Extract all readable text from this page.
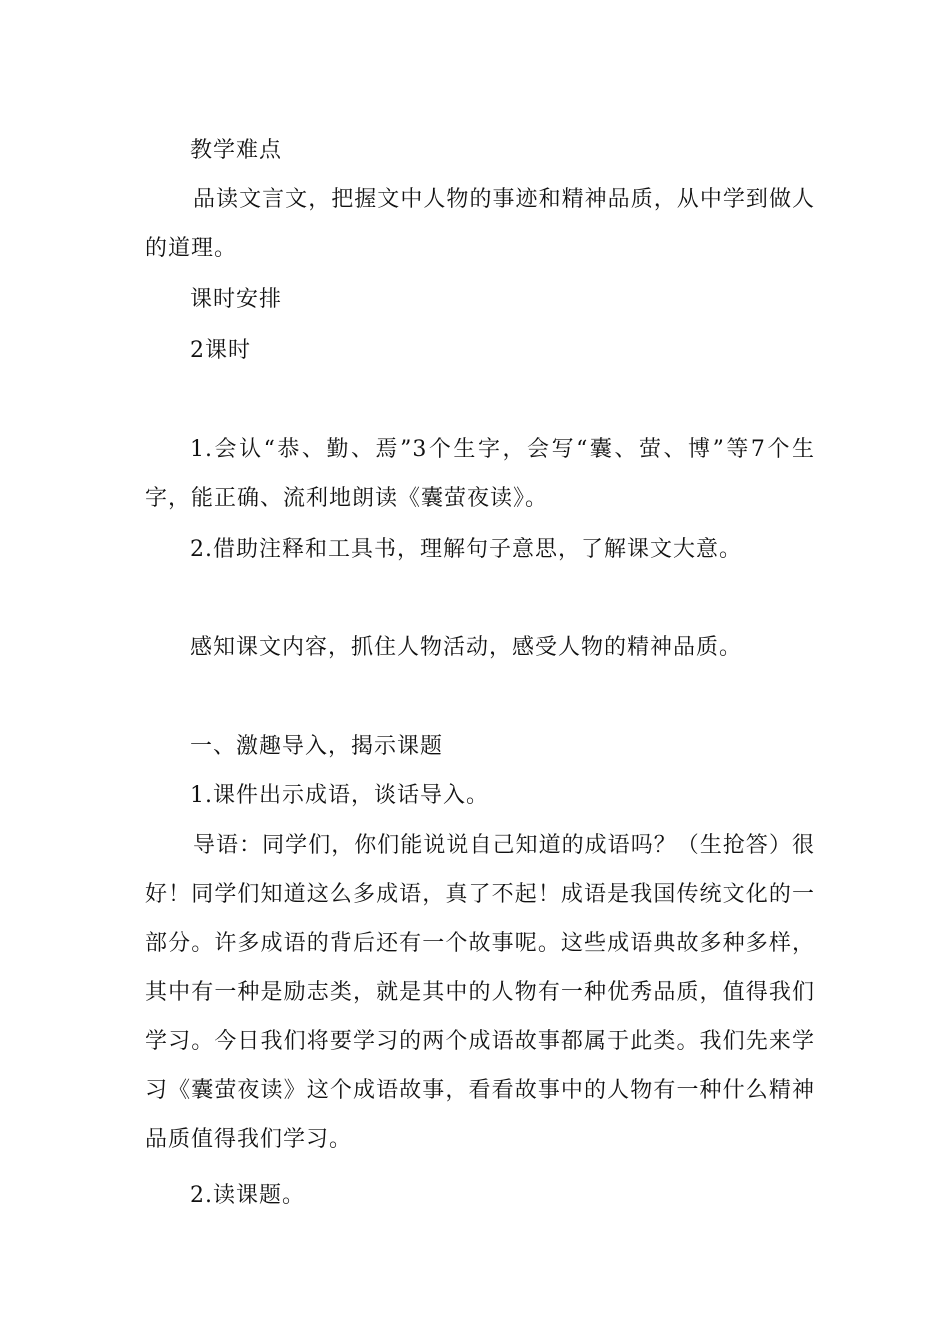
教学难点

品读文言文，把握文中人物的事迹和精神品质，从中学到做人的道理。

课时安排

2课时

1.会认“恭、勤、焉”3个生字，会写“囊、萤、博”等7个生字，能正确、流利地朗读《囊萤夜读》。

2.借助注释和工具书，理解句子意思，了解课文大意。

感知课文内容，抓住人物活动，感受人物的精神品质。

一、激趣导入，揭示课题

1.课件出示成语，谈话导入。

导语：同学们，你们能说说自己知道的成语吗？（生抢答）很好！同学们知道这么多成语，真了不起！成语是我国传统文化的一部分。许多成语的背后还有一个故事呢。这些成语典故多种多样，其中有一种是励志类，就是其中的人物有一种优秀品质，值得我们学习。今日我们将要学习的两个成语故事都属于此类。我们先来学习《囊萤夜读》这个成语故事，看看故事中的人物有一种什么精神品质值得我们学习。

2.读课题。
